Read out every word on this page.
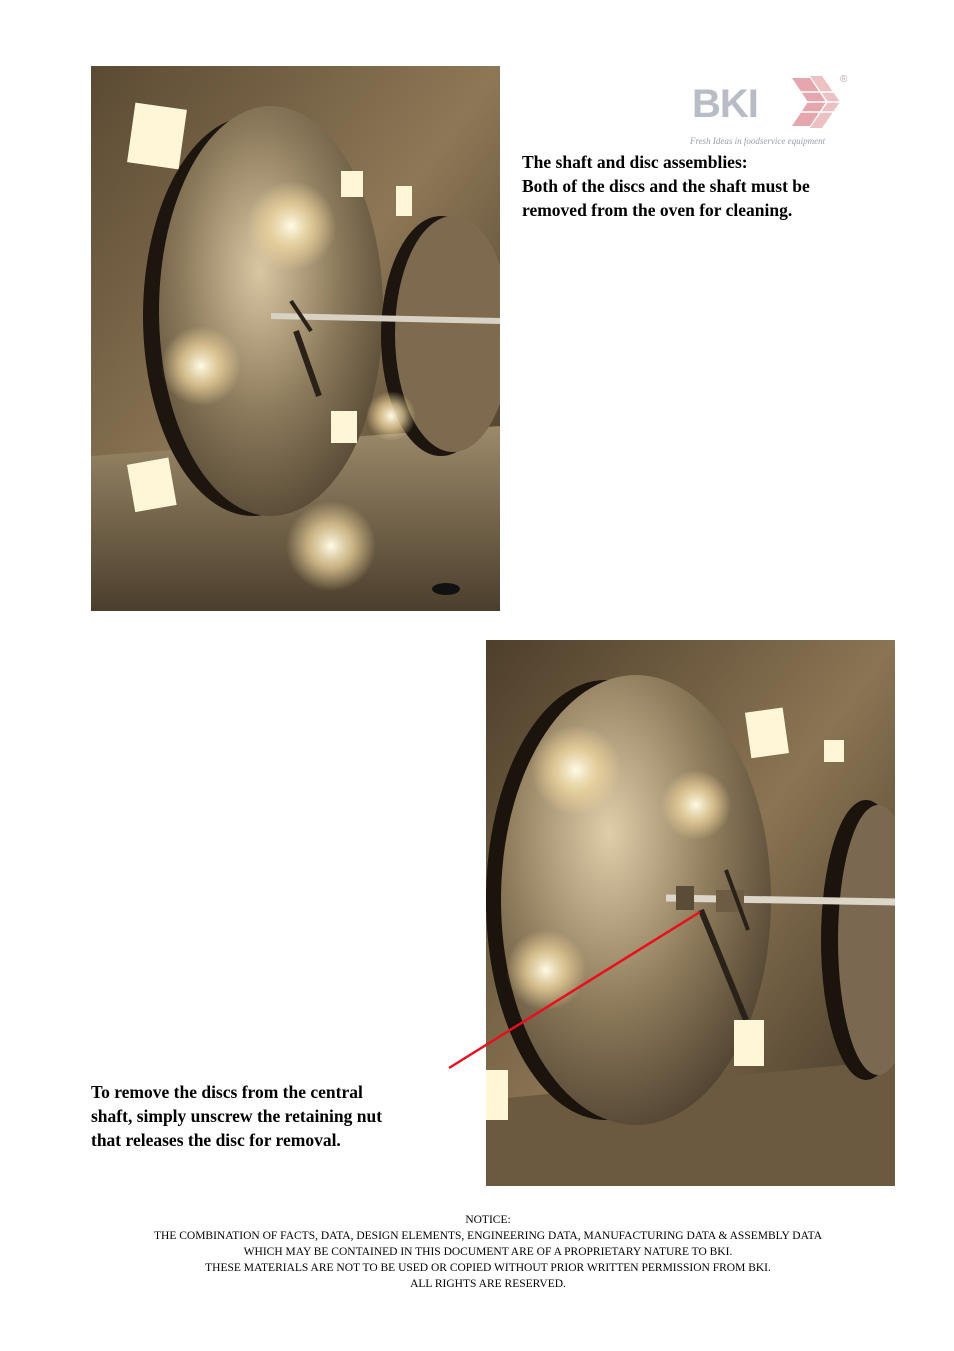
BKI
®
Fresh Ideas in foodservice equipment
The shaft and disc assemblies:
Both of the discs and the shaft must be
removed from the oven for cleaning.
To remove the discs from the central
shaft, simply unscrew the retaining nut
that releases the disc for removal.
NOTICE:
THE COMBINATION OF FACTS, DATA, DESIGN ELEMENTS, ENGINEERING DATA, MANUFACTURING DATA & ASSEMBLY DATA
WHICH MAY BE CONTAINED IN THIS DOCUMENT ARE OF A PROPRIETARY NATURE TO BKI.
THESE MATERIALS ARE NOT TO BE USED OR COPIED WITHOUT PRIOR WRITTEN PERMISSION FROM BKI.
ALL RIGHTS ARE RESERVED.
